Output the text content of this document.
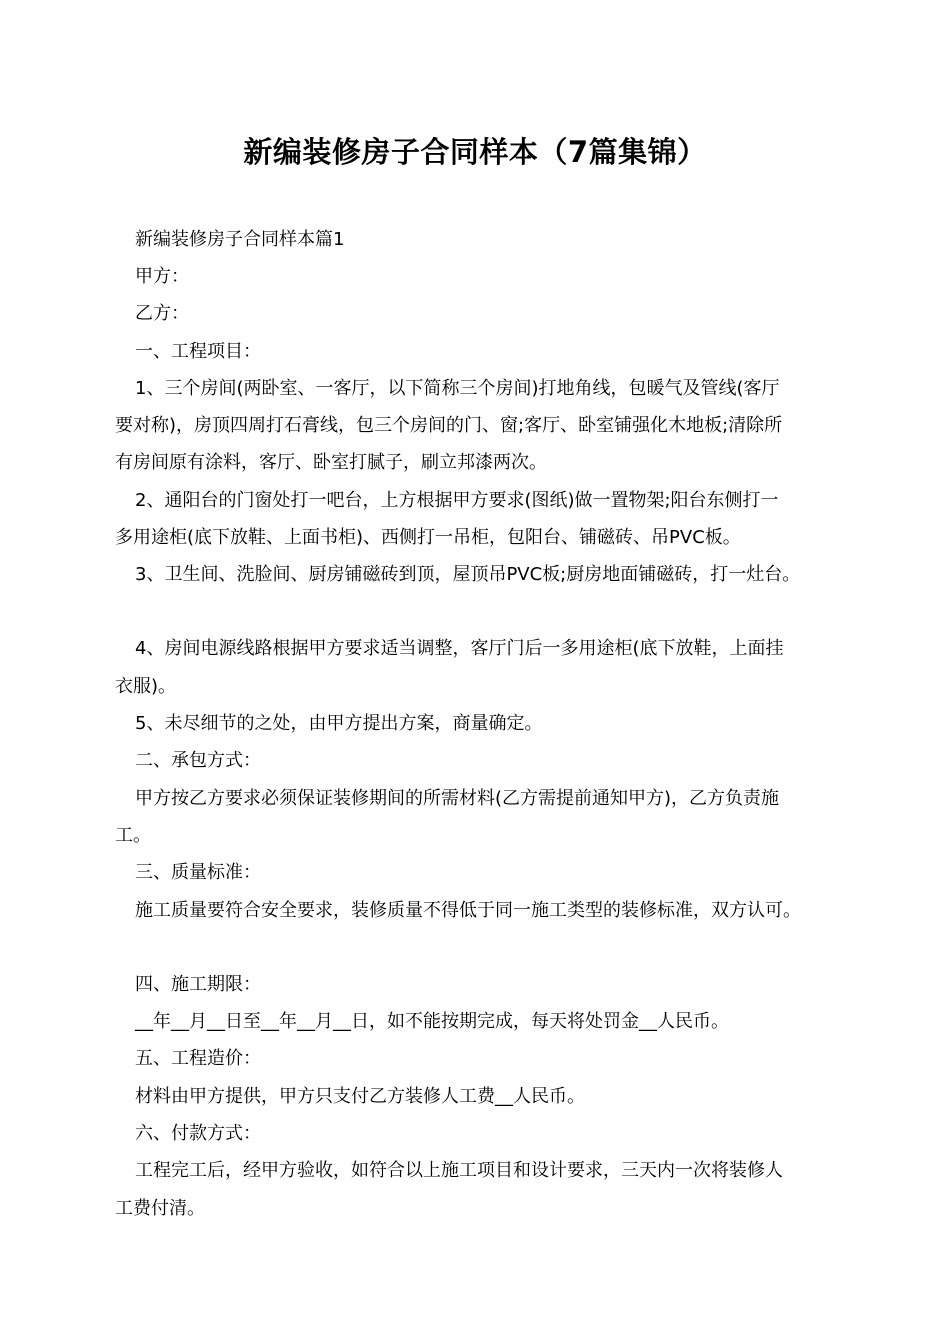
新编装修房子合同样本（7篇集锦）
新编装修房子合同样本篇1
甲方：
乙方：
一、工程项目：
1、三个房间(两卧室、一客厅，以下简称三个房间)打地角线，包暖气及管线(客厅
要对称)，房顶四周打石膏线，包三个房间的门、窗;客厅、卧室铺强化木地板;清除所
有房间原有涂料，客厅、卧室打腻子，刷立邦漆两次。
2、通阳台的门窗处打一吧台，上方根据甲方要求(图纸)做一置物架;阳台东侧打一
多用途柜(底下放鞋、上面书柜)、西侧打一吊柜，包阳台、铺磁砖、吊PVC板。
3、卫生间、洗脸间、厨房铺磁砖到顶，屋顶吊PVC板;厨房地面铺磁砖，打一灶台。
4、房间电源线路根据甲方要求适当调整，客厅门后一多用途柜(底下放鞋，上面挂
衣服)。
5、未尽细节的之处，由甲方提出方案，商量确定。
二、承包方式：
甲方按乙方要求必须保证装修期间的所需材料(乙方需提前通知甲方)，乙方负责施
工。
三、质量标准：
施工质量要符合安全要求，装修质量不得低于同一施工类型的装修标准，双方认可。
四、施工期限：
__年__月__日至__年__月__日，如不能按期完成，每天将处罚金__人民币。
五、工程造价：
材料由甲方提供，甲方只支付乙方装修人工费__人民币。
六、付款方式：
工程完工后，经甲方验收，如符合以上施工项目和设计要求，三天内一次将装修人
工费付清。
